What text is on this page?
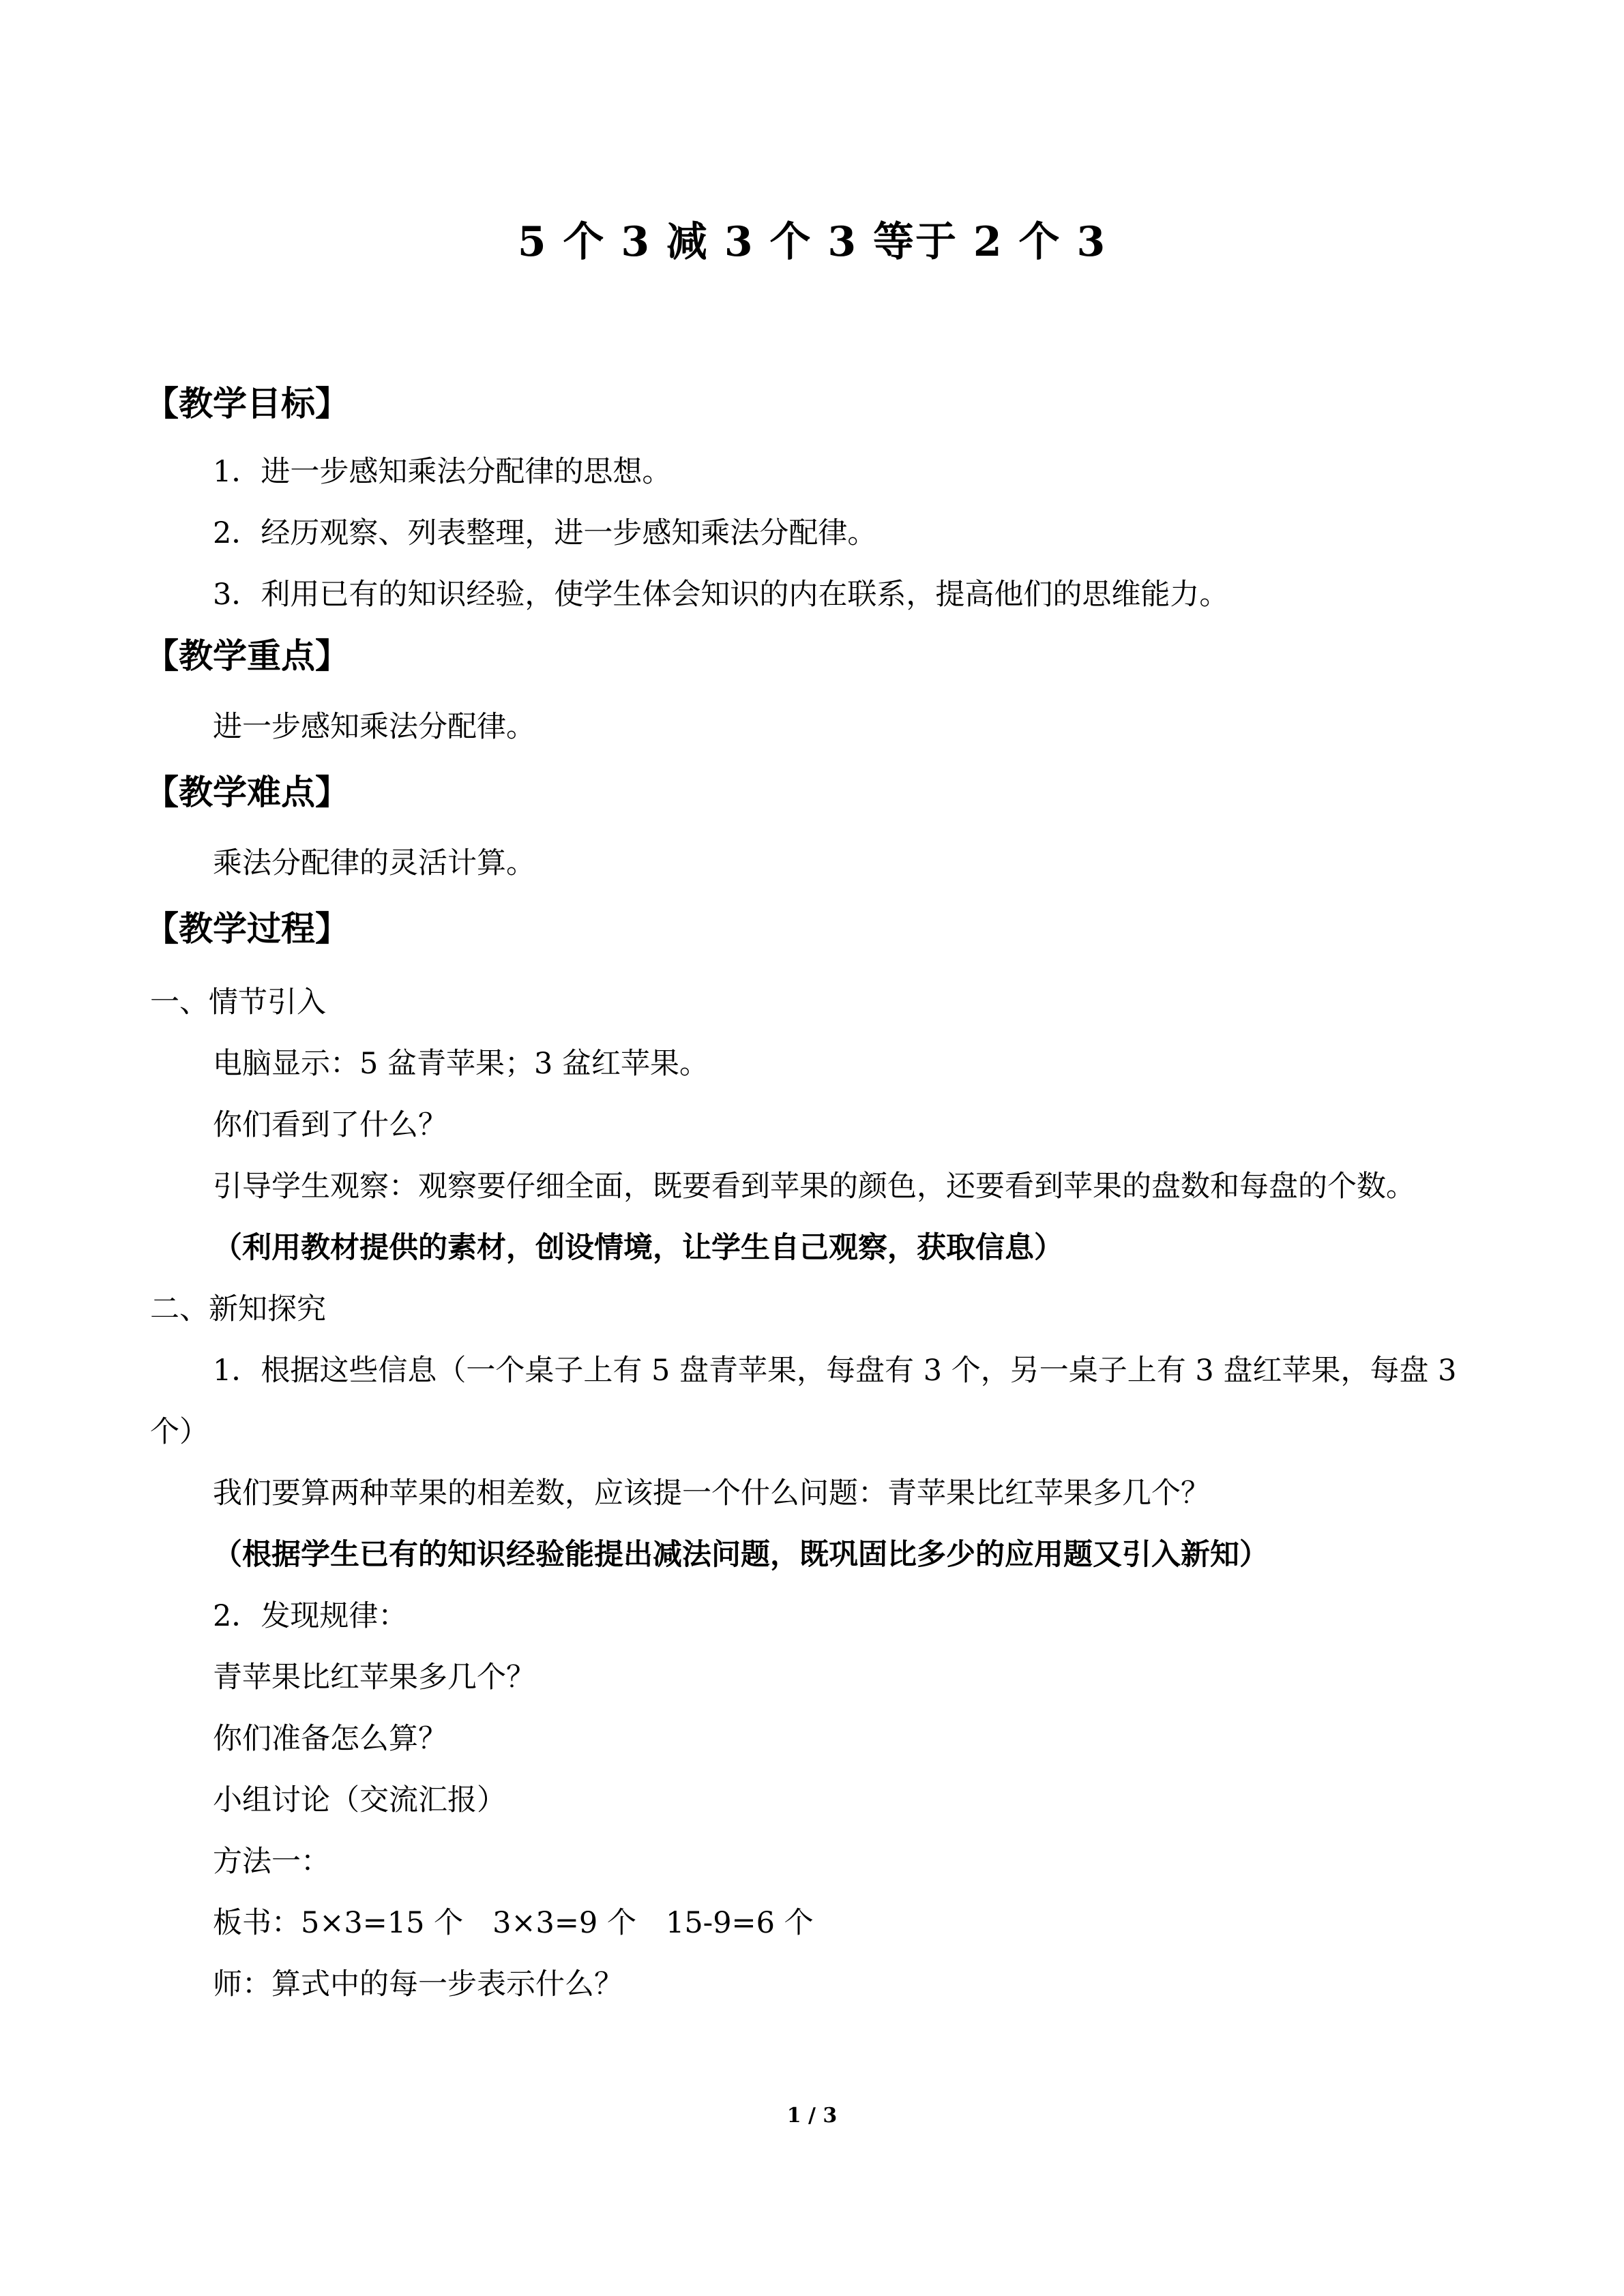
5 个 3 减 3 个 3 等于 2 个 3
【教学目标】
1．进一步感知乘法分配律的思想。
2．经历观察、列表整理，进一步感知乘法分配律。
3．利用已有的知识经验，使学生体会知识的内在联系，提高他们的思维能力。
【教学重点】
进一步感知乘法分配律。
【教学难点】
乘法分配律的灵活计算。
【教学过程】
一、情节引入
电脑显示：5 盆青苹果；3 盆红苹果。
你们看到了什么？
引导学生观察：观察要仔细全面，既要看到苹果的颜色，还要看到苹果的盘数和每盘的个数。
（利用教材提供的素材，创设情境，让学生自己观察，获取信息）
二、新知探究
1．根据这些信息（一个桌子上有 5 盘青苹果，每盘有 3 个，另一桌子上有 3 盘红苹果，每盘 3 个）
我们要算两种苹果的相差数，应该提一个什么问题：青苹果比红苹果多几个？
（根据学生已有的知识经验能提出减法问题，既巩固比多少的应用题又引入新知）
2．发现规律：
青苹果比红苹果多几个？
你们准备怎么算？
小组讨论（交流汇报）
方法一：
板书：5×3=15 个　3×3=9 个　15-9=6 个
师：算式中的每一步表示什么？
1 / 3
